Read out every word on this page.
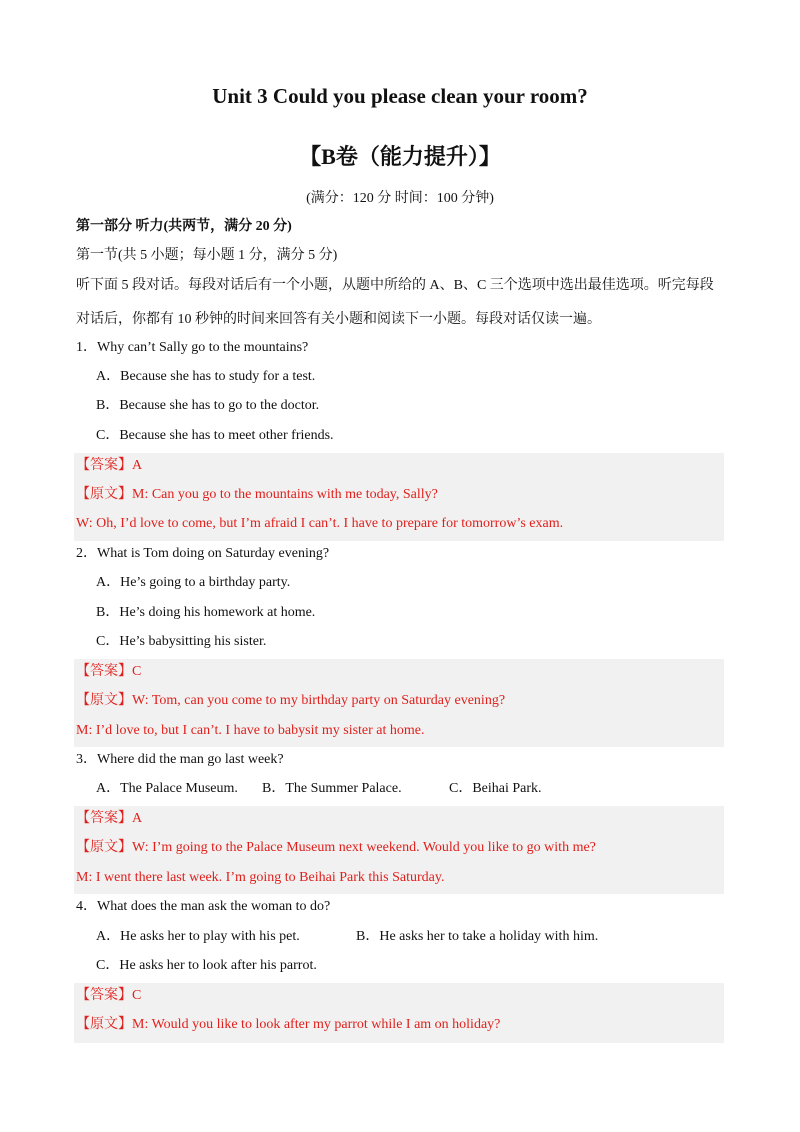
Unit 3 Could you please clean your room?
【B卷（能力提升）】
(满分：120 分 时间：100 分钟)
第一部分 听力(共两节，满分 20 分)
第一节(共 5 小题；每小题 1 分，满分 5 分)
听下面 5 段对话。每段对话后有一个小题，从题中所给的 A、B、C 三个选项中选出最佳选项。听完每段
对话后，你都有 10 秒钟的时间来回答有关小题和阅读下一小题。每段对话仅读一遍。
1．Why can’t Sally go to the mountains?
A．Because she has to study for a test.
B．Because she has to go to the doctor.
C．Because she has to meet other friends.
【答案】A
【原文】M: Can you go to the mountains with me today, Sally?
W: Oh, I’d love to come, but I’m afraid I can’t. I have to prepare for tomorrow’s exam.
2．What is Tom doing on Saturday evening?
A．He’s going to a birthday party.
B．He’s doing his homework at home.
C．He’s babysitting his sister.
【答案】C
【原文】W: Tom, can you come to my birthday party on Saturday evening?
M: I’d love to, but I can’t. I have to babysit my sister at home.
3．Where did the man go last week?
A．The Palace Museum. B．The Summer Palace.	C．Beihai Park.
【答案】A
【原文】W: I’m going to the Palace Museum next weekend. Would you like to go with me?
M: I went there last week. I’m going to Beihai Park this Saturday.
4．What does the man ask the woman to do?
A．He asks her to play with his pet.	B．He asks her to take a holiday with him.
C．He asks her to look after his parrot.
【答案】C
【原文】M: Would you like to look after my parrot while I am on holiday?
